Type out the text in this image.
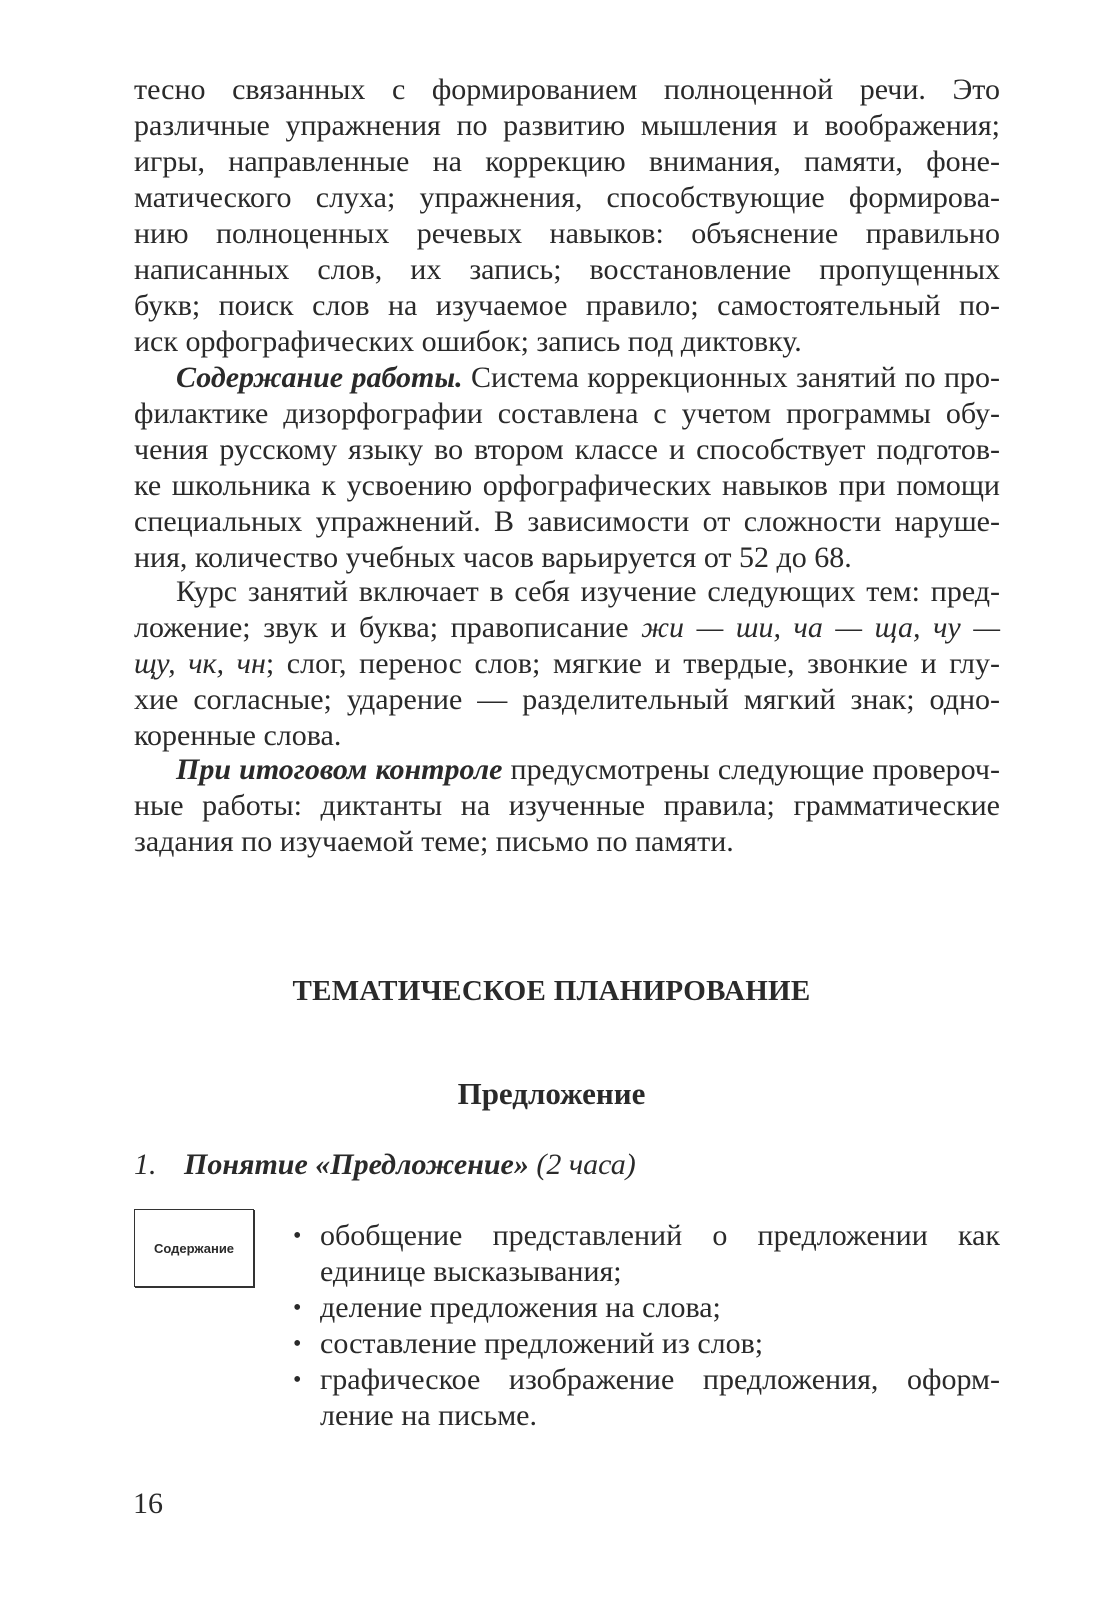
тесно связанных с формированием полноценной речи. Это
различные упражнения по развитию мышления и воображения;
игры, направленные на коррекцию внимания, памяти, фоне-
матического слуха; упражнения, способствующие формирова-
нию полноценных речевых навыков: объяснение правильно
написанных слов, их запись; восстановление пропущенных
букв; поиск слов на изучаемое правило; самостоятельный по-
иск орфографических ошибок; запись под диктовку.
Содержание работы. Система коррекционных занятий по про-
филактике дизорфографии составлена с учетом программы обу-
чения русскому языку во втором классе и способствует подготов-
ке школьника к усвоению орфографических навыков при помощи
специальных упражнений. В зависимости от сложности наруше-
ния, количество учебных часов варьируется от 52 до 68.
Курс занятий включает в себя изучение следующих тем: пред-
ложение; звук и буква; правописание жи — ши, ча — ща, чу —
щу, чк, чн; слог, перенос слов; мягкие и твердые, звонкие и глу-
хие согласные; ударение — разделительный мягкий знак; одно-
коренные слова.
При итоговом контроле предусмотрены следующие провероч-
ные работы: диктанты на изученные правила; грамматические
задания по изучаемой теме; письмо по памяти.
ТЕМАТИЧЕСКОЕ ПЛАНИРОВАНИЕ
Предложение
1. Понятие «Предложение» (2 часа)
Содержание • обобщение представлений о предложении как
единице высказывания;
• деление предложения на слова;
• составление предложений из слов;
• графическое изображение предложения, оформ-
ление на письме.
16
